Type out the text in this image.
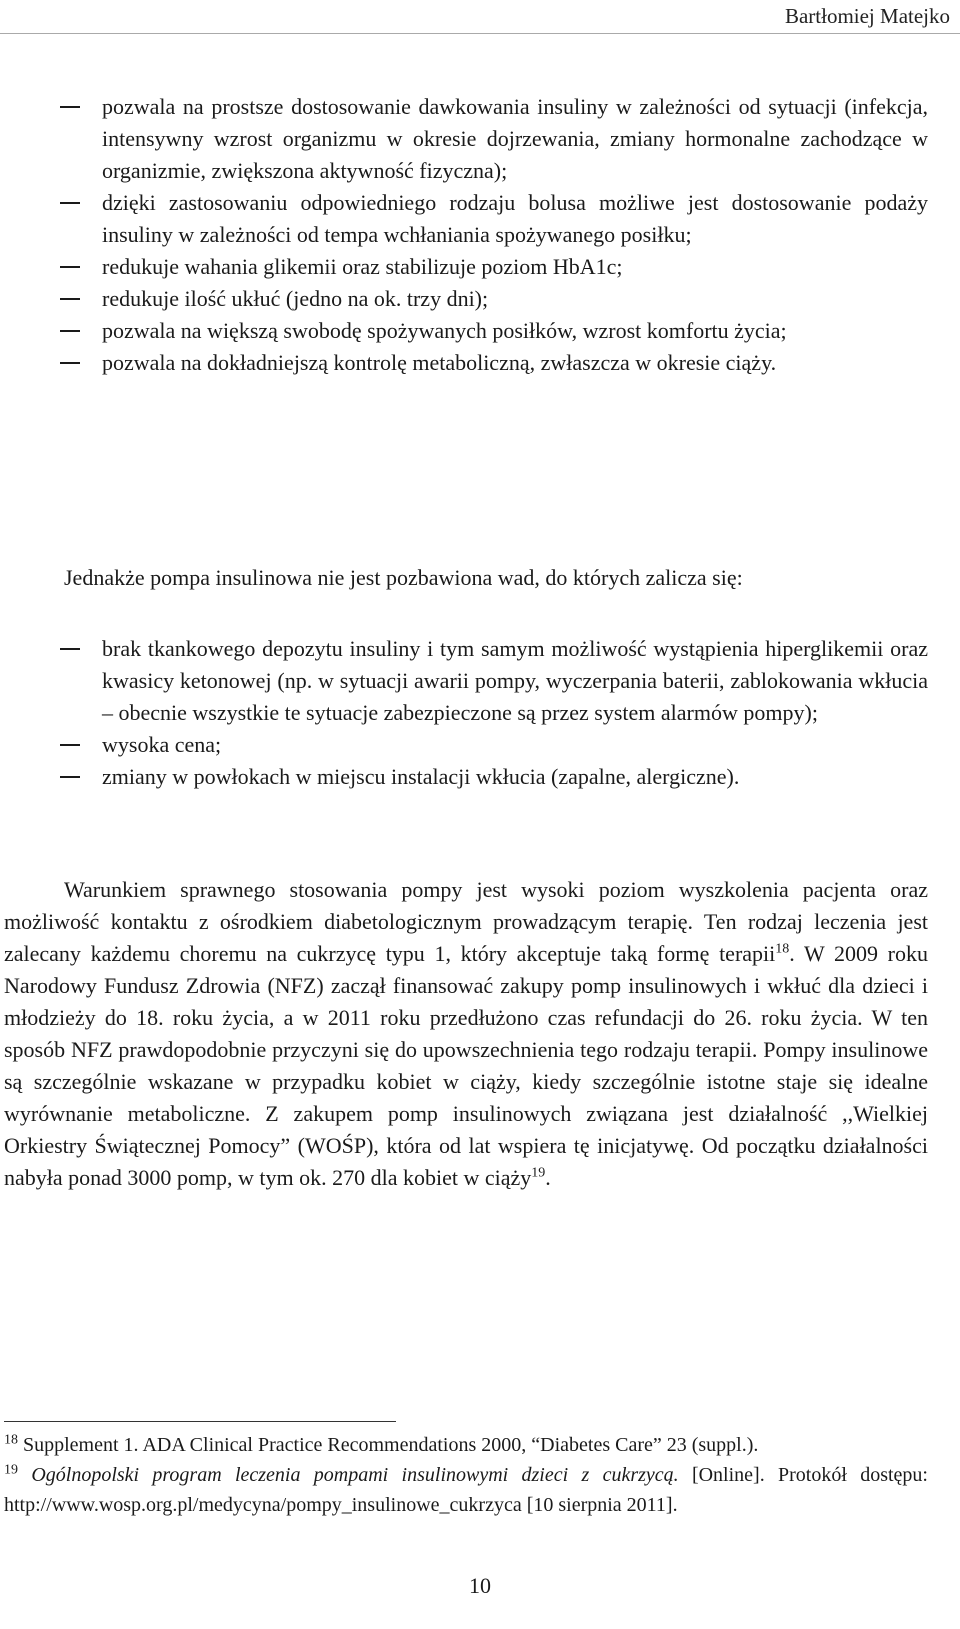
Bartłomiej Matejko
pozwala na prostsze dostosowanie dawkowania insuliny w zależności od sytuacji (infekcja, intensywny wzrost organizmu w okresie dojrzewania, zmiany hormonalne zachodzące w organizmie, zwiększona aktywność fizyczna);
dzięki zastosowaniu odpowiedniego rodzaju bolusa możliwe jest dostosowanie podaży insuliny w zależności od tempa wchłaniania spożywanego posiłku;
redukuje wahania glikemii oraz stabilizuje poziom HbA1c;
redukuje ilość ukłuć (jedno na ok. trzy dni);
pozwala na większą swobodę spożywanych posiłków, wzrost komfortu życia;
pozwala na dokładniejszą kontrolę metaboliczną, zwłaszcza w okresie ciąży.

Jednakże pompa insulinowa nie jest pozbawiona wad, do których zalicza się:

brak tkankowego depozytu insuliny i tym samym możliwość wystąpienia hiperglikemii oraz kwasicy ketonowej (np. w sytuacji awarii pompy, wyczerpania baterii, zablokowania wkłucia – obecnie wszystkie te sytuacje zabezpieczone są przez system alarmów pompy);
wysoka cena;
zmiany w powłokach w miejscu instalacji wkłucia (zapalne, alergiczne).

Warunkiem sprawnego stosowania pompy jest wysoki poziom wyszkolenia pacjenta oraz możliwość kontaktu z ośrodkiem diabetologicznym prowadzącym terapię. Ten rodzaj leczenia jest zalecany każdemu choremu na cukrzycę typu 1, który akceptuje taką formę terapii$^{18}$. W 2009 roku Narodowy Fundusz Zdrowia (NFZ) zaczął finansować zakupy pomp insulinowych i wkłuć dla dzieci i młodzieży do 18. roku życia, a w 2011 roku przedłużono czas refundacji do 26. roku życia. W ten sposób NFZ prawdopodobnie przyczyni się do upowszechnienia tego rodzaju terapii. Pompy insulinowe są szczególnie wskazane w przypadku kobiet w ciąży, kiedy szczególnie istotne staje się idealne wyrównanie metaboliczne. Z zakupem pomp insulinowych związana jest działalność ,,Wielkiej Orkiestry Świątecznej Pomocy” (WOŚP), która od lat wspiera tę inicjatywę. Od początku działalności nabyła ponad 3000 pomp, w tym ok. 270 dla kobiet w ciąży$^{19}$.

$^{18}$ Supplement 1. ADA Clinical Practice Recommendations 2000, “Diabetes Care” 23 (suppl.).

$^{19}$ Ogólnopolski program leczenia pompami insulinowymi dzieci z cukrzycą. [Online]. Protokół dostępu: http://www.wosp.org.pl/medycyna/pompy_insulinowe_cukrzyca [10 sierpnia 2011].

10
